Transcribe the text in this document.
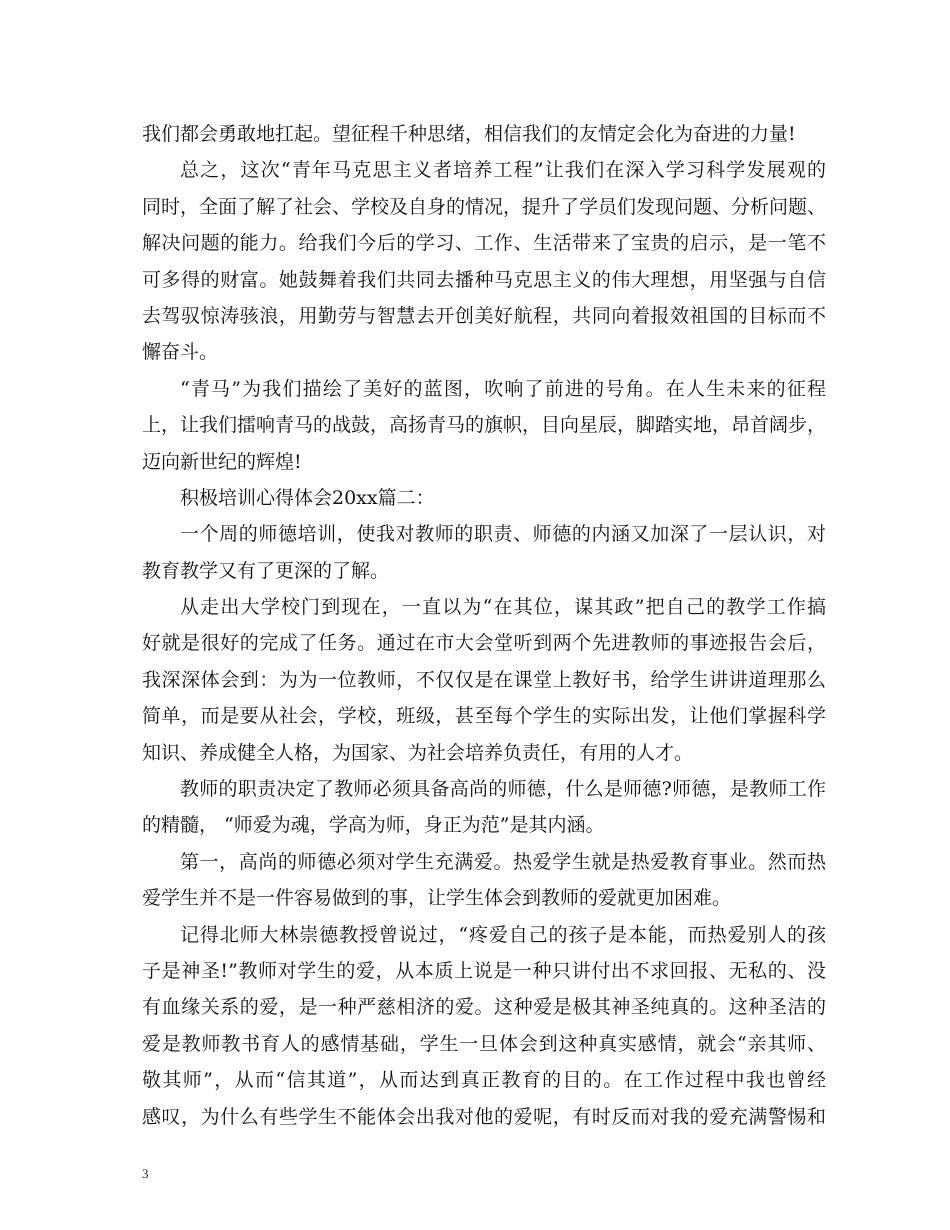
我们都会勇敢地扛起。望征程千种思绪，相信我们的友情定会化为奋进的力量!
总之，这次“青年马克思主义者培养工程”让我们在深入学习科学发展观的
同时，全面了解了社会、学校及自身的情况，提升了学员们发现问题、分析问题、
解决问题的能力。给我们今后的学习、工作、生活带来了宝贵的启示，是一笔不
可多得的财富。她鼓舞着我们共同去播种马克思主义的伟大理想，用坚强与自信
去驾驭惊涛骇浪，用勤劳与智慧去开创美好航程，共同向着报效祖国的目标而不
懈奋斗。
“青马”为我们描绘了美好的蓝图，吹响了前进的号角。在人生未来的征程
上，让我们擂响青马的战鼓，高扬青马的旗帜，目向星辰，脚踏实地，昂首阔步，
迈向新世纪的辉煌!
积极培训心得体会20xx篇二：
一个周的师德培训，使我对教师的职责、师德的内涵又加深了一层认识，对
教育教学又有了更深的了解。
从走出大学校门到现在，一直以为“在其位，谋其政”把自己的教学工作搞
好就是很好的完成了任务。通过在市大会堂听到两个先进教师的事迹报告会后，
我深深体会到：为为一位教师，不仅仅是在课堂上教好书，给学生讲讲道理那么
简单，而是要从社会，学校，班级，甚至每个学生的实际出发，让他们掌握科学
知识、养成健全人格，为国家、为社会培养负责任，有用的人才。
教师的职责决定了教师必须具备高尚的师德，什么是师德?师德，是教师工作
的精髓， “师爱为魂，学高为师，身正为范”是其内涵。
第一，高尚的师德必须对学生充满爱。热爱学生就是热爱教育事业。然而热
爱学生并不是一件容易做到的事，让学生体会到教师的爱就更加困难。
记得北师大林崇德教授曾说过，“疼爱自己的孩子是本能，而热爱别人的孩
子是神圣!”教师对学生的爱，从本质上说是一种只讲付出不求回报、无私的、没
有血缘关系的爱，是一种严慈相济的爱。这种爱是极其神圣纯真的。这种圣洁的
爱是教师教书育人的感情基础，学生一旦体会到这种真实感情，就会“亲其师、
敬其师”，从而“信其道”，从而达到真正教育的目的。在工作过程中我也曾经
感叹，为什么有些学生不能体会出我对他的爱呢，有时反而对我的爱充满警惕和
3
